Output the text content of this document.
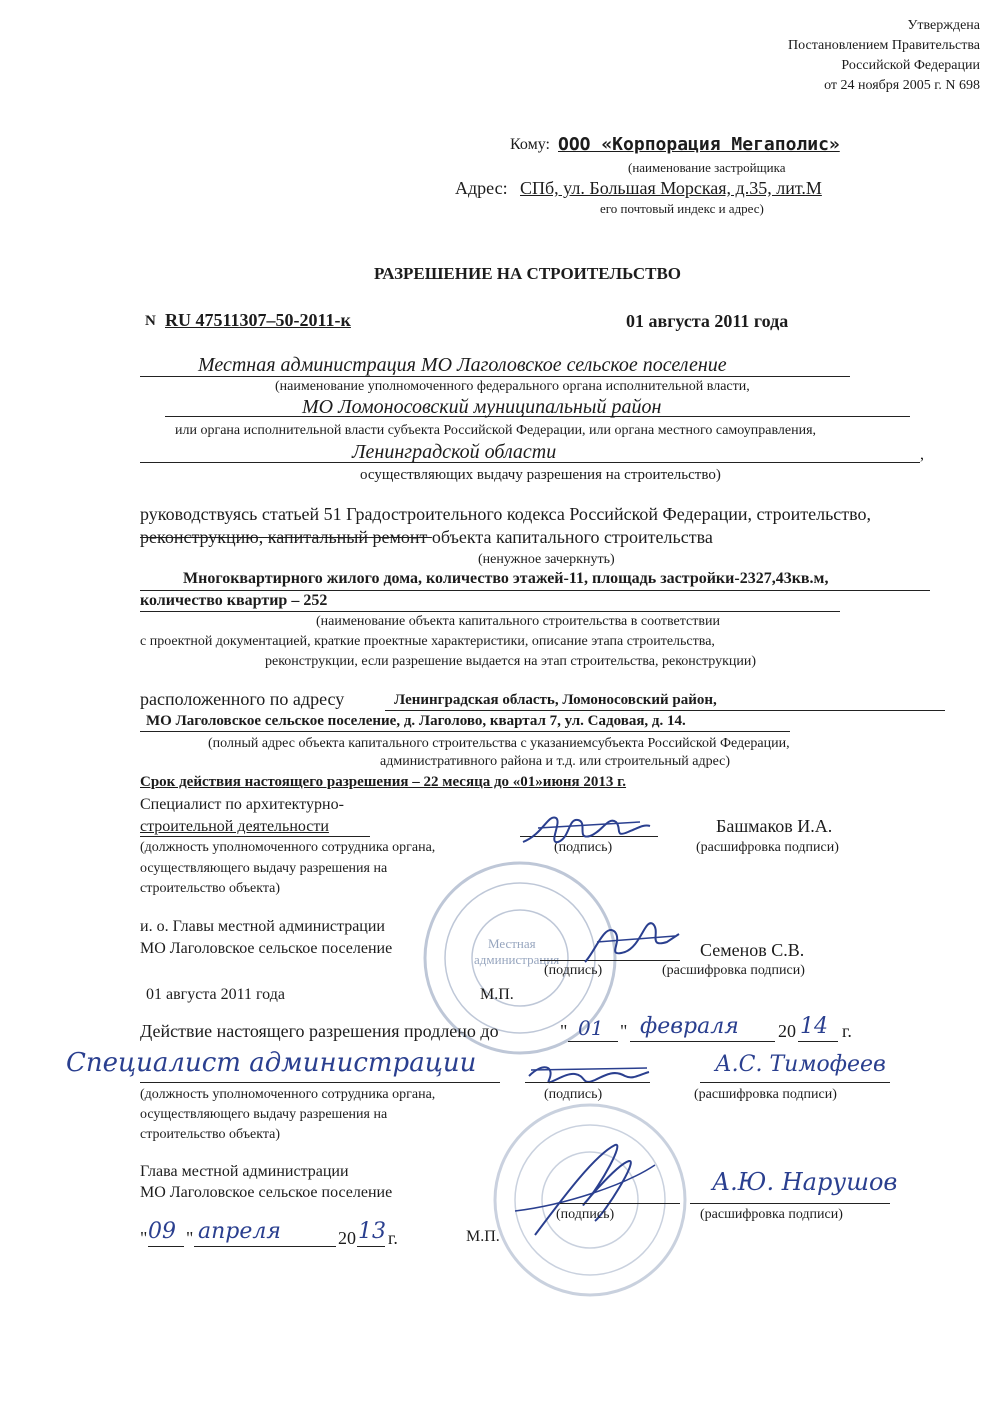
Утверждена
Постановлением Правительства
Российской Федерации
от 24 ноября 2005 г. N 698
Кому: ООО «Корпорация Мегаполис»
(наименование застройщика
Адрес: СПб, ул. Большая Морская, д.35, лит.М
его почтовый индекс и адрес)
РАЗРЕШЕНИЕ НА СТРОИТЕЛЬСТВО
N RU 47511307–50-2011-к	01 августа 2011 года
Местная администрация МО Лаголовское сельское поселение
(наименование уполномоченного федерального органа исполнительной власти,
МО Ломоносовский муниципальный район
или органа исполнительной власти субъекта Российской Федерации, или органа местного самоуправления,
Ленинградской области	,
осуществляющих выдачу разрешения на строительство)
руководствуясь статьей 51 Градостроительного кодекса Российской Федерации, строительство,
реконструкцию, капитальный ремонт объекта капитального строительства
(ненужное зачеркнуть)
Многоквартирного жилого дома, количество этажей-11, площадь застройки-2327,43кв.м,
количество квартир – 252
(наименование объекта капитального строительства в соответствии
с проектной документацией, краткие проектные характеристики, описание этапа строительства,
реконструкции, если разрешение выдается на этап строительства, реконструкции)
расположенного по адресу	Ленинградская область, Ломоносовский район,
МО Лаголовское сельское поселение, д. Лаголово, квартал 7, ул. Садовая, д. 14.
(полный адрес объекта капитального строительства с указаниемсубъекта Российской Федерации,
административного района и т.д. или строительный адрес)
Срок действия настоящего разрешения – 22 месяца до «01»июня 2013 г.
Специалист по архитектурно-
строительной деятельности	Башмаков И.А.
(должность уполномоченного сотрудника органа,
осуществляющего выдачу разрешения на
строительство объекта)
(подпись)	(расшифровка подписи)
Местная
администрация
и. о. Главы местной администрации
МО Лаголовское сельское поселение	Семенов С.В.
(подпись)	(расшифровка подписи)
01 августа 2011 года	М.П.
Действие настоящего разрешения продлено до	" 01 " февраля 20 14 г.
Специалист администрации	А.С. Тимофеев
(должность уполномоченного сотрудника органа,
осуществляющего выдачу разрешения на
строительство объекта)
(подпись)	(расшифровка подписи)
Глава местной администрации
МО Лаголовское сельское поселение	А.Ю. Нарушов
(подпись)	(расшифровка подписи)
" 09 " апреля	20 13 г.	М.П.
